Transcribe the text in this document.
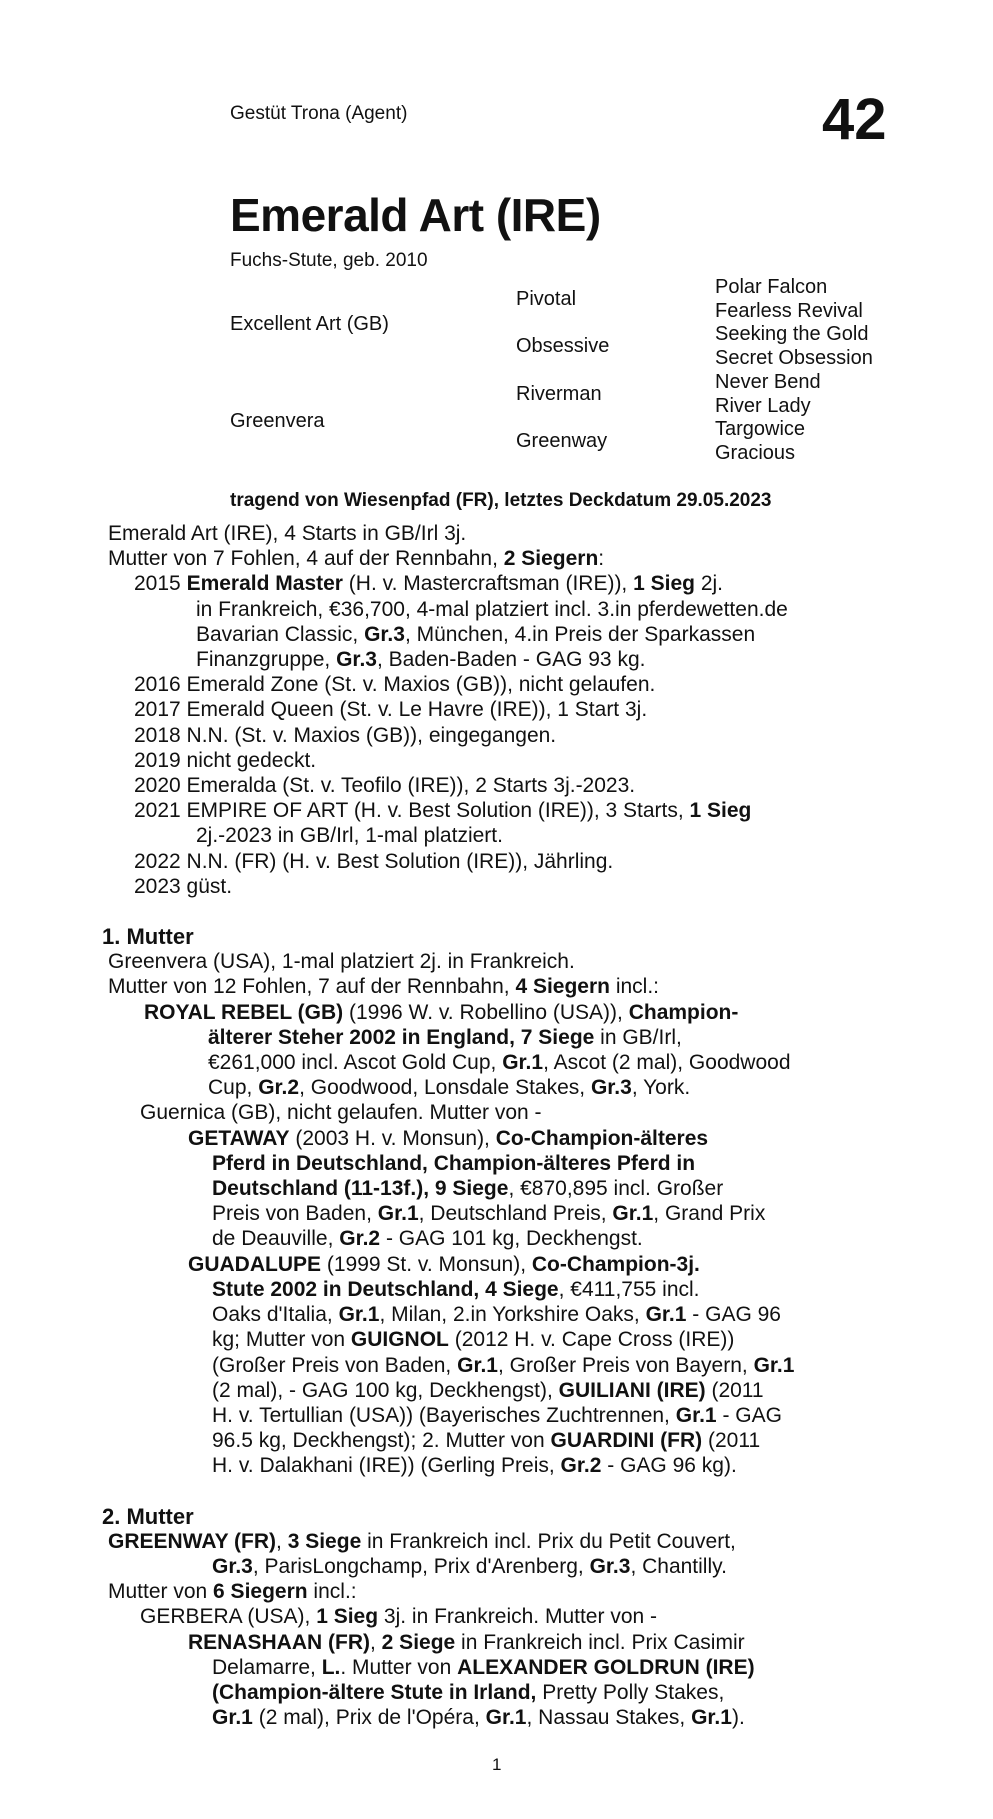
Gestüt Trona (Agent)	42
Emerald Art (IRE)
Fuchs-Stute, geb. 2010
Excellent Art (GB)
Greenvera
Pivotal
Obsessive
Riverman
Greenway
Polar Falcon
Fearless Revival
Seeking the Gold
Secret Obsession
Never Bend
River Lady
Targowice
Gracious
tragend von Wiesenpfad (FR), letztes Deckdatum 29.05.2023
Emerald Art (IRE), 4 Starts in GB/Irl 3j.
Mutter von 7 Fohlen, 4 auf der Rennbahn, 2 Siegern:
2015 Emerald Master (H. v. Mastercraftsman (IRE)), 1 Sieg 2j.
in Frankreich, €36,700, 4-mal platziert incl. 3.in pferdewetten.de
Bavarian Classic, Gr.3, München, 4.in Preis der Sparkassen
Finanzgruppe, Gr.3, Baden-Baden - GAG 93 kg.
2016 Emerald Zone (St. v. Maxios (GB)), nicht gelaufen.
2017 Emerald Queen (St. v. Le Havre (IRE)), 1 Start 3j.
2018 N.N. (St. v. Maxios (GB)), eingegangen.
2019 nicht gedeckt.
2020 Emeralda (St. v. Teofilo (IRE)), 2 Starts 3j.-2023.
2021 EMPIRE OF ART (H. v. Best Solution (IRE)), 3 Starts, 1 Sieg
2j.-2023 in GB/Irl, 1-mal platziert.
2022 N.N. (FR) (H. v. Best Solution (IRE)), Jährling.
2023 güst.
1. Mutter
Greenvera (USA), 1-mal platziert 2j. in Frankreich.
Mutter von 12 Fohlen, 7 auf der Rennbahn, 4 Siegern incl.:
ROYAL REBEL (GB) (1996 W. v. Robellino (USA)), Champion-
älterer Steher 2002 in England, 7 Siege in GB/Irl,
€261,000 incl. Ascot Gold Cup, Gr.1, Ascot (2 mal), Goodwood
Cup, Gr.2, Goodwood, Lonsdale Stakes, Gr.3, York.
Guernica (GB), nicht gelaufen. Mutter von -
GETAWAY (2003 H. v. Monsun), Co-Champion-älteres
Pferd in Deutschland, Champion-älteres Pferd in
Deutschland (11-13f.), 9 Siege, €870,895 incl. Großer
Preis von Baden, Gr.1, Deutschland Preis, Gr.1, Grand Prix
de Deauville, Gr.2 - GAG 101 kg, Deckhengst.
GUADALUPE (1999 St. v. Monsun), Co-Champion-3j.
Stute 2002 in Deutschland, 4 Siege, €411,755 incl.
Oaks d'Italia, Gr.1, Milan, 2.in Yorkshire Oaks, Gr.1 - GAG 96
kg; Mutter von GUIGNOL (2012 H. v. Cape Cross (IRE))
(Großer Preis von Baden, Gr.1, Großer Preis von Bayern, Gr.1
(2 mal), - GAG 100 kg, Deckhengst), GUILIANI (IRE) (2011
H. v. Tertullian (USA)) (Bayerisches Zuchtrennen, Gr.1 - GAG
96.5 kg, Deckhengst); 2. Mutter von GUARDINI (FR) (2011
H. v. Dalakhani (IRE)) (Gerling Preis, Gr.2 - GAG 96 kg).
2. Mutter
GREENWAY (FR), 3 Siege in Frankreich incl. Prix du Petit Couvert,
Gr.3, ParisLongchamp, Prix d'Arenberg, Gr.3, Chantilly.
Mutter von 6 Siegern incl.:
GERBERA (USA), 1 Sieg 3j. in Frankreich. Mutter von -
RENASHAAN (FR), 2 Siege in Frankreich incl. Prix Casimir
Delamarre, L.. Mutter von ALEXANDER GOLDRUN (IRE)
(Champion-ältere Stute in Irland, Pretty Polly Stakes,
Gr.1 (2 mal), Prix de l'Opéra, Gr.1, Nassau Stakes, Gr.1).
1
